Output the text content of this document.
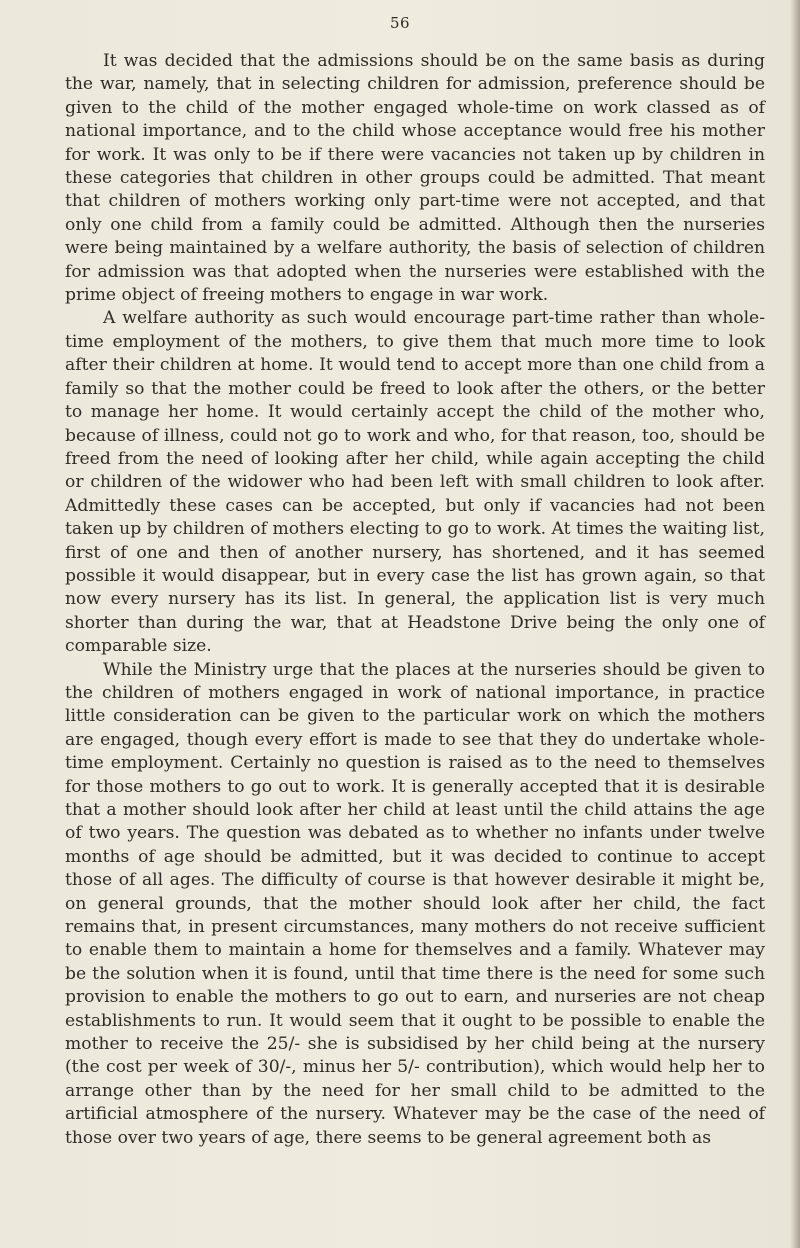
56

It was decided that the admissions should be on the same basis as during the war, namely, that in selecting children for admission, preference should be given to the child of the mother engaged whole-time on work classed as of national importance, and to the child whose acceptance would free his mother for work. It was only to be if there were vacancies not taken up by children in these categories that children in other groups could be admitted. That meant that children of mothers working only part-time were not accepted, and that only one child from a family could be admitted. Although then the nurseries were being maintained by a welfare authority, the basis of selection of children for admission was that adopted when the nurseries were established with the prime object of freeing mothers to engage in war work.

A welfare authority as such would encourage part-time rather than whole-time employment of the mothers, to give them that much more time to look after their children at home. It would tend to accept more than one child from a family so that the mother could be freed to look after the others, or the better to manage her home. It would certainly accept the child of the mother who, because of illness, could not go to work and who, for that reason, too, should be freed from the need of looking after her child, while again accepting the child or children of the widower who had been left with small children to look after. Admittedly these cases can be accepted, but only if vacancies had not been taken up by children of mothers electing to go to work. At times the waiting list, first of one and then of another nursery, has shortened, and it has seemed possible it would disappear, but in every case the list has grown again, so that now every nursery has its list. In general, the application list is very much shorter than during the war, that at Headstone Drive being the only one of comparable size.

While the Ministry urge that the places at the nurseries should be given to the children of mothers engaged in work of national importance, in practice little consideration can be given to the particular work on which the mothers are engaged, though every effort is made to see that they do undertake whole-time employment. Certainly no question is raised as to the need to themselves for those mothers to go out to work. It is generally accepted that it is desirable that a mother should look after her child at least until the child attains the age of two years. The question was debated as to whether no infants under twelve months of age should be admitted, but it was decided to continue to accept those of all ages. The difficulty of course is that however desirable it might be, on general grounds, that the mother should look after her child, the fact remains that, in present circumstances, many mothers do not receive sufficient to enable them to maintain a home for themselves and a family. Whatever may be the solution when it is found, until that time there is the need for some such provision to enable the mothers to go out to earn, and nurseries are not cheap establishments to run. It would seem that it ought to be possible to enable the mother to receive the 25/- she is subsidised by her child being at the nursery (the cost per week of 30/-, minus her 5/- contribution), which would help her to arrange other than by the need for her small child to be admitted to the artificial atmosphere of the nursery. Whatever may be the case of the need of those over two years of age, there seems to be general agreement both as
